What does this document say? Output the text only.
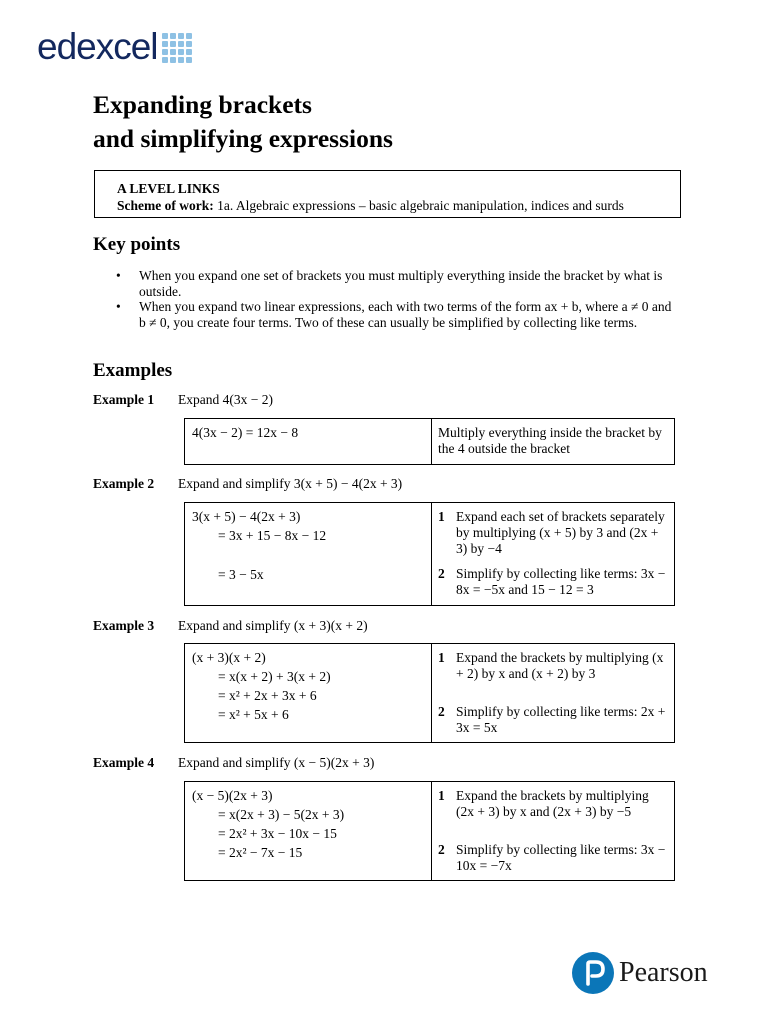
edexcel
Expanding brackets
and simplifying expressions
A LEVEL LINKS
Scheme of work: 1a. Algebraic expressions – basic algebraic manipulation, indices and surds
Key points
• When you expand one set of brackets you must multiply everything inside the bracket by what is outside.
• When you expand two linear expressions, each with two terms of the form ax + b, where a ≠ 0 and b ≠ 0, you create four terms. Two of these can usually be simplified by collecting like terms.
Examples
Example 1 Expand 4(3x − 2)
4(3x − 2) = 12x − 8	Multiply everything inside the bracket by the 4 outside the bracket
Example 2 Expand and simplify 3(x + 5) − 4(2x + 3)
3(x + 5) − 4(2x + 3)
= 3x + 15 − 8x − 12
= 3 − 5x
1 Expand each set of brackets separately by multiplying (x + 5) by 3 and (2x + 3) by −4
2 Simplify by collecting like terms: 3x − 8x = −5x and 15 − 12 = 3
Example 3 Expand and simplify (x + 3)(x + 2)
(x + 3)(x + 2)
= x(x + 2) + 3(x + 2)
= x² + 2x + 3x + 6
= x² + 5x + 6
1 Expand the brackets by multiplying (x + 2) by x and (x + 2) by 3
2 Simplify by collecting like terms: 2x + 3x = 5x
Example 4 Expand and simplify (x − 5)(2x + 3)
(x − 5)(2x + 3)
= x(2x + 3) − 5(2x + 3)
= 2x² + 3x − 10x − 15
= 2x² − 7x − 15
1 Expand the brackets by multiplying (2x + 3) by x and (2x + 3) by −5
2 Simplify by collecting like terms: 3x − 10x = −7x
Pearson
